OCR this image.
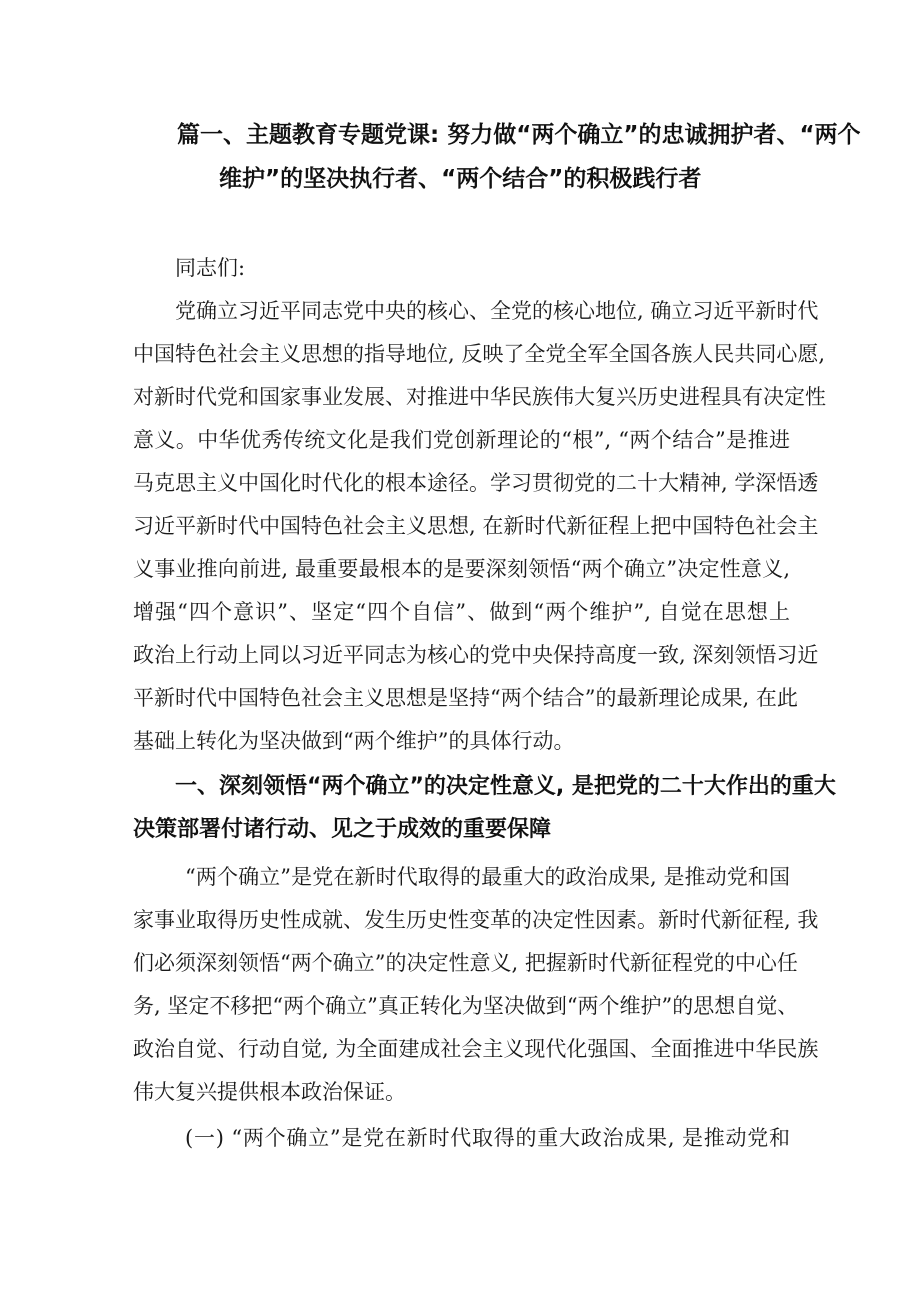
篇一、主题教育专题党课: 努力做“两个确立”的忠诚拥护者、“两个
维护”的坚决执行者、“两个结合”的积极践行者
同志们:
党确立习近平同志党中央的核心、全党的核心地位, 确立习近平新时代
中国特色社会主义思想的指导地位, 反映了全党全军全国各族人民共同心愿,
对新时代党和国家事业发展、对推进中华民族伟大复兴历史进程具有决定性
意义。中华优秀传统文化是我们党创新理论的“根”, “两个结合”是推进
马克思主义中国化时代化的根本途径。学习贯彻党的二十大精神, 学深悟透
习近平新时代中国特色社会主义思想, 在新时代新征程上把中国特色社会主
义事业推向前进, 最重要最根本的是要深刻领悟“两个确立”决定性意义,
增强“四个意识”、坚定“四个自信”、做到“两个维护”, 自觉在思想上
政治上行动上同以习近平同志为核心的党中央保持高度一致, 深刻领悟习近
平新时代中国特色社会主义思想是坚持“两个结合”的最新理论成果, 在此
基础上转化为坚决做到“两个维护”的具体行动。
一、深刻领悟“两个确立”的决定性意义, 是把党的二十大作出的重大
决策部署付诸行动、见之于成效的重要保障
“两个确立”是党在新时代取得的最重大的政治成果, 是推动党和国
家事业取得历史性成就、发生历史性变革的决定性因素。新时代新征程, 我
们必须深刻领悟“两个确立”的决定性意义, 把握新时代新征程党的中心任
务, 坚定不移把“两个确立”真正转化为坚决做到“两个维护”的思想自觉、
政治自觉、行动自觉, 为全面建成社会主义现代化强国、全面推进中华民族
伟大复兴提供根本政治保证。
(一) “两个确立”是党在新时代取得的重大政治成果, 是推动党和
